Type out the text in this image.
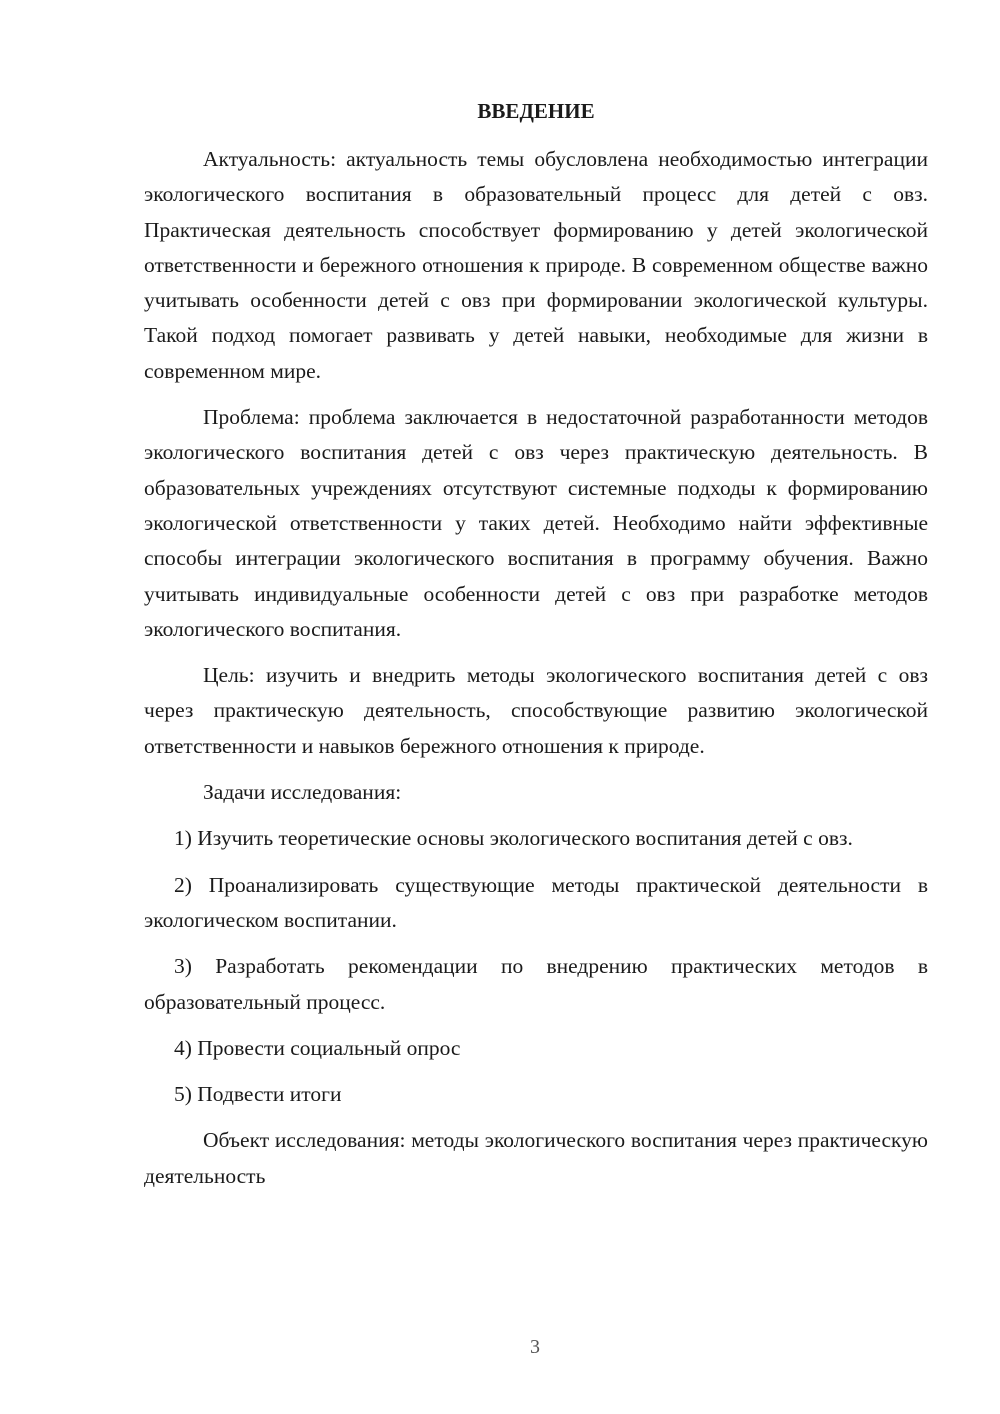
ВВЕДЕНИЕ

Актуальность: актуальность темы обусловлена необходимостью интеграции экологического воспитания в образовательный процесс для детей с овз. Практическая деятельность способствует формированию у детей экологической ответственности и бережного отношения к природе. В современном обществе важно учитывать особенности детей с овз при формировании экологической культуры. Такой подход помогает развивать у детей навыки, необходимые для жизни в современном мире.

Проблема: проблема заключается в недостаточной разработанности методов экологического воспитания детей с овз через практическую деятельность. В образовательных учреждениях отсутствуют системные подходы к формированию экологической ответственности у таких детей. Необходимо найти эффективные способы интеграции экологического воспитания в программу обучения. Важно учитывать индивидуальные особенности детей с овз при разработке методов экологического воспитания.

Цель: изучить и внедрить методы экологического воспитания детей с овз через практическую деятельность, способствующие развитию экологической ответственности и навыков бережного отношения к природе.

Задачи исследования:

1) Изучить теоретические основы экологического воспитания детей с овз.

2) Проанализировать существующие методы практической деятельности в экологическом воспитании.

3) Разработать рекомендации по внедрению практических методов в образовательный процесс.

4) Провести социальный опрос

5) Подвести итоги

Объект исследования: методы экологического воспитания через практическую деятельность

3
